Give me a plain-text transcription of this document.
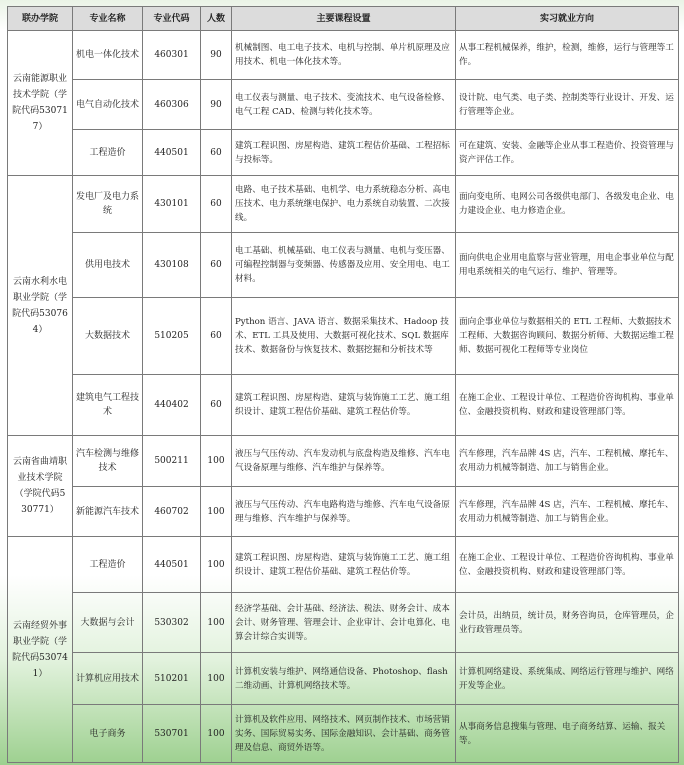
联办学院	专业名称	专业代码	人数	主要课程设置	实习就业方向
云南能源职业技术学院（学院代码530717）	机电一体化技术	460301	90	机械制图、电工电子技术、电机与控制、单片机原理及应用技术、机电一体化技术等。	从事工程机械保养，维护，检测，维修，运行与管理等工作。
	电气自动化技术	460306	90	电工仪表与测量、电子技术、变流技术、电气设备检修、电气工程 CAD、检测与转化技术等。	设计院、电气类、电子类、控制类等行业设计、开发、运行管理等企业。
	工程造价	440501	60	建筑工程识图、房屋构造、建筑工程估价基础、工程招标与投标等。	可在建筑、安装、金融等企业从事工程造价、投资管理与资产评估工作。
云南水利水电职业学院（学院代码530764）	发电厂及电力系统	430101	60	电路、电子技术基础、电机学、电力系统稳态分析、高电压技术、电力系统继电保护、电力系统自动装置、二次接线。	面向变电所、电网公司各级供电部门、各级发电企业、电力建设企业、电力修造企业。
	供用电技术	430108	60	电工基础、机械基础、电工仪表与测量、电机与变压器、可编程控制器与变频器、传感器及应用、安全用电、电工材料。	面向供电企业用电监察与营业管理，用电企事业单位与配用电系统相关的电气运行、维护、管理等。
	大数据技术	510205	60	Python 语言、JAVA 语言、数据采集技术、Hadoop 技术、ETL 工具及使用、大数据可视化技术、SQL 数据库技术、数据备份与恢复技术、数据挖掘和分析技术等	面向企事业单位与数据相关的 ETL 工程师、大数据技术工程师、大数据咨询顾问、数据分析师、大数据运维工程师、数据可视化工程师等专业岗位
	建筑电气工程技术	440402	60	建筑工程识图、房屋构造、建筑与装饰施工工艺、施工组织设计、建筑工程估价基础、建筑工程估价等。	在施工企业、工程设计单位、工程造价咨询机构、事业单位、金融投资机构、财政和建设管理部门等。
云南省曲靖职业技术学院（学院代码530771）	汽车检测与维修技术	500211	100	液压与气压传动、汽车发动机与底盘构造及维修、汽车电气设备原理与维修、汽车维护与保养等。	汽车修理，汽车品牌 4S 店，汽车、工程机械、摩托车、农用动力机械等制造、加工与销售企业。
	新能源汽车技术	460702	100	液压与气压传动、汽车电路构造与维修、汽车电气设备原理与维修、汽车维护与保养等。	汽车修理，汽车品牌 4S 店，汽车、工程机械、摩托车、农用动力机械等制造、加工与销售企业。
云南经贸外事职业学院（学院代码530741）	工程造价	440501	100	建筑工程识图、房屋构造、建筑与装饰施工工艺、施工组织设计、建筑工程估价基础、建筑工程估价等。	在施工企业、工程设计单位、工程造价咨询机构、事业单位、金融投资机构、财政和建设管理部门等。
	大数据与会计	530302	100	经济学基础、会计基础、经济法、税法、财务会计、成本会计、财务管理、管理会计、企业审计、会计电算化、电算会计综合实训等。	会计员，出纳员，统计员，财务咨询员，仓库管理员，企业行政管理员等。
	计算机应用技术	510201	100	计算机安装与维护、网络通信设备、Photoshop、flash 二维动画、计算机网络技术等。	计算机网络建设、系统集成、网络运行管理与维护、网络开发等企业。
	电子商务	530701	100	计算机及软件应用、网络技术、网页制作技术、市场营销实务、国际贸易实务、国际金融知识、会计基础、商务管理及信息、商贸外语等。	从事商务信息搜集与管理、电子商务结算、运输、报关等。
